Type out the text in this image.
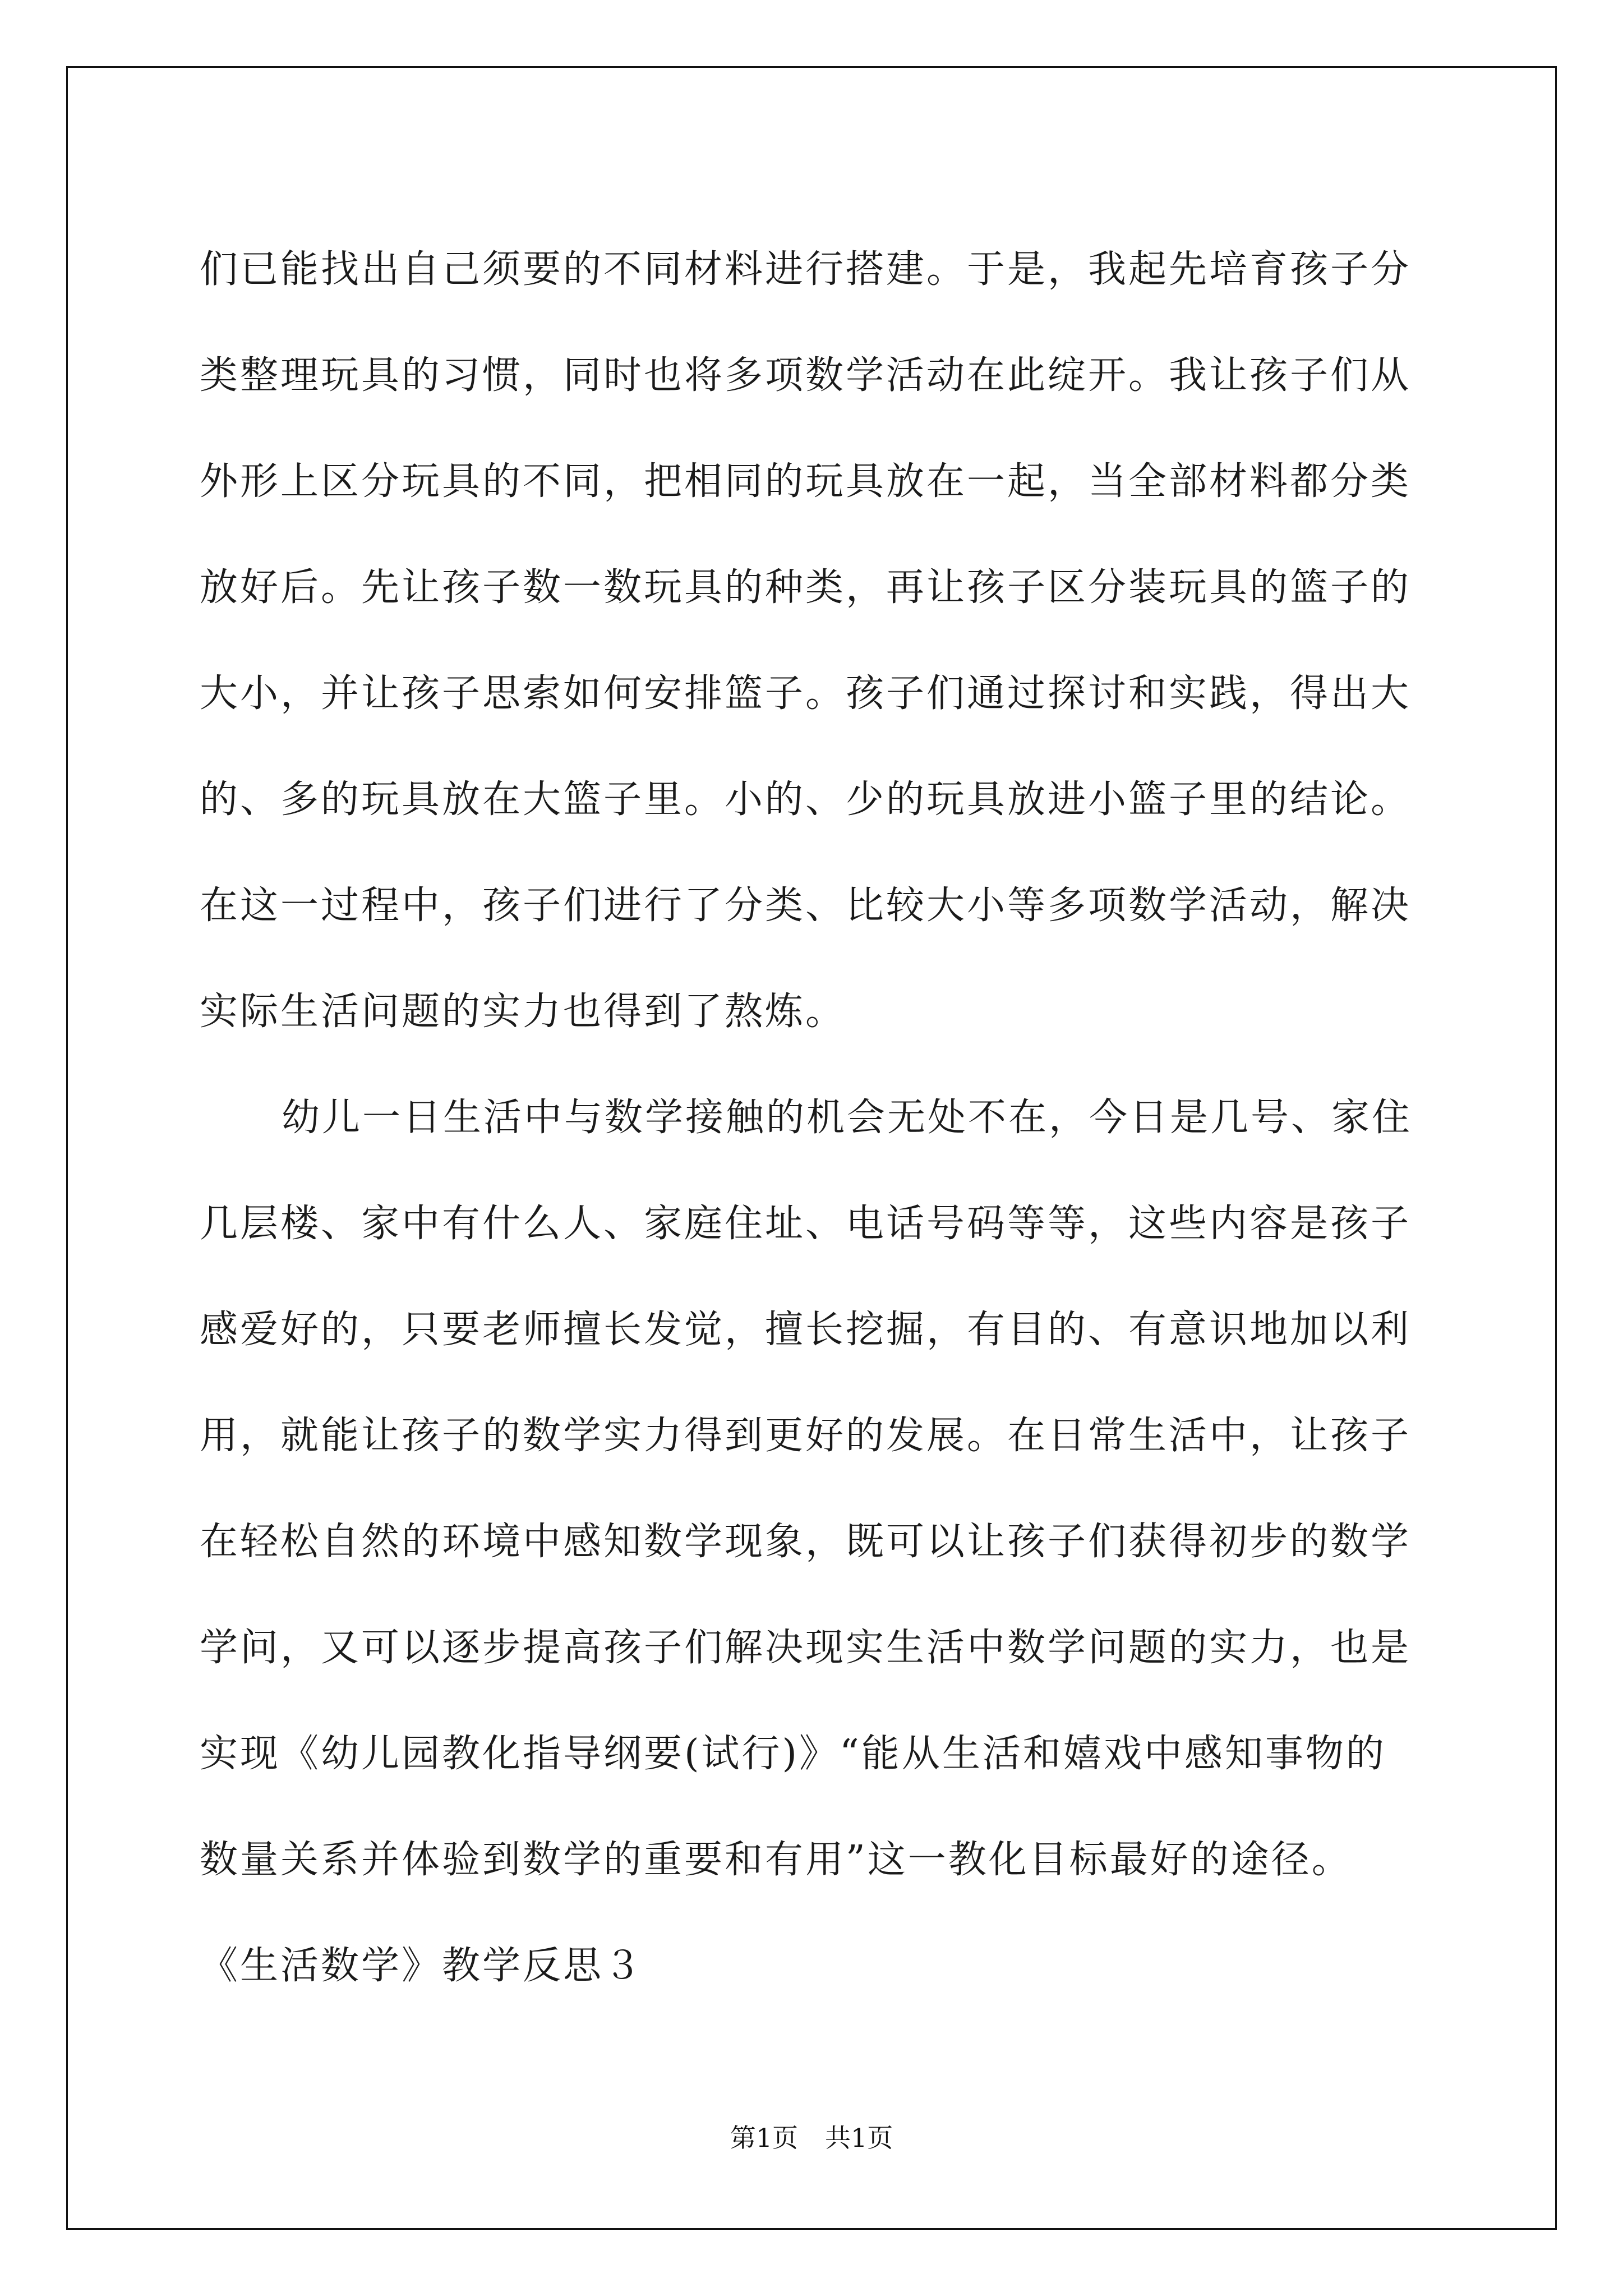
们已能找出自己须要的不同材料进行搭建。于是，我起先培育孩子分
类整理玩具的习惯，同时也将多项数学活动在此绽开。我让孩子们从
外形上区分玩具的不同，把相同的玩具放在一起，当全部材料都分类
放好后。先让孩子数一数玩具的种类，再让孩子区分装玩具的篮子的
大小，并让孩子思索如何安排篮子。孩子们通过探讨和实践，得出大
的、多的玩具放在大篮子里。小的、少的玩具放进小篮子里的结论。
在这一过程中，孩子们进行了分类、比较大小等多项数学活动，解决
实际生活问题的实力也得到了熬炼。
幼儿一日生活中与数学接触的机会无处不在，今日是几号、家住
几层楼、家中有什么人、家庭住址、电话号码等等，这些内容是孩子
感爱好的，只要老师擅长发觉，擅长挖掘，有目的、有意识地加以利
用，就能让孩子的数学实力得到更好的发展。在日常生活中，让孩子
在轻松自然的环境中感知数学现象，既可以让孩子们获得初步的数学
学问，又可以逐步提高孩子们解决现实生活中数学问题的实力，也是
实现《幼儿园教化指导纲要(试行)》“能从生活和嬉戏中感知事物的
数量关系并体验到数学的重要和有用”这一教化目标最好的途径。
《生活数学》教学反思３
第1页 共1页
